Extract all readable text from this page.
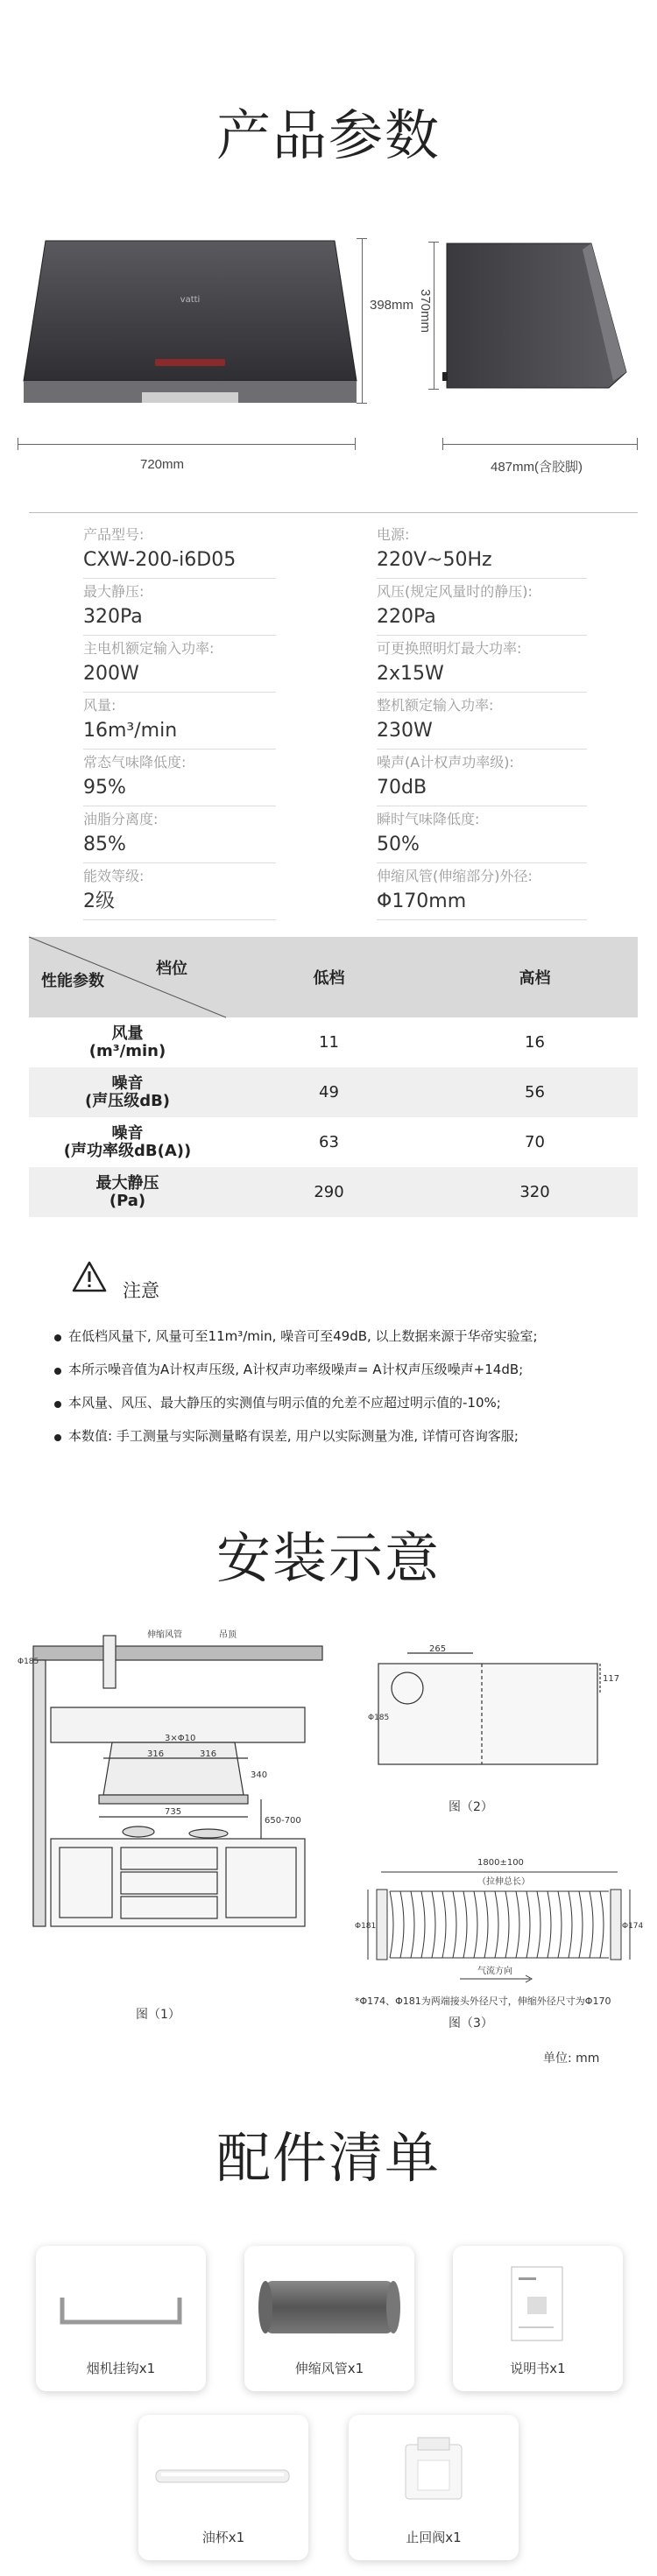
产品参数
vatti	398mm
720mm
370mm
487mm(含胶脚)
产品型号:
CXW-200-i6D05
电源:
220V~50Hz
最大静压:
320Pa
风压(规定风量时的静压):
220Pa
主电机额定输入功率:
200W
可更换照明灯最大功率:
2x15W
风量:
16m³/min
整机额定输入功率:
230W
常态气味降低度:
95%
噪声(A计权声功率级):
70dB
油脂分离度:
85%
瞬时气味降低度:
50%
能效等级:
2级
伸缩风管(伸缩部分)外径:
Φ170mm
档位
性能参数	低档	高档
风量
(m³/min)	11	16
噪音
(声压级dB)	49	56
噪音
(声功率级dB(A))	63	70
最大静压
(Pa)	290	320
注意
在低档风量下, 风量可至11m³/min, 噪音可至49dB, 以上数据来源于华帝实验室;
本所示噪音值为A计权声压级, A计权声功率级噪声= A计权声压级噪声+14dB;
本风量、风压、最大静压的实测值与明示值的允差不应超过明示值的-10%;
本数值: 手工测量与实际测量略有误差, 用户以实际测量为准, 详情可咨询客服;
安装示意
伸缩风管	吊顶
Φ185
3×Φ10
316	316
340
735
650-700
图（1）
265
117
Φ185
图（2）
1800±100
（拉伸总长）
Φ181	Φ174
气流方向
*Φ174、Φ181为两端接头外径尺寸，伸缩外径尺寸为Φ170
图（3）
单位: mm
配件清单
烟机挂钩x1	伸缩风管x1	说明书x1
油杯x1	止回阀x1
